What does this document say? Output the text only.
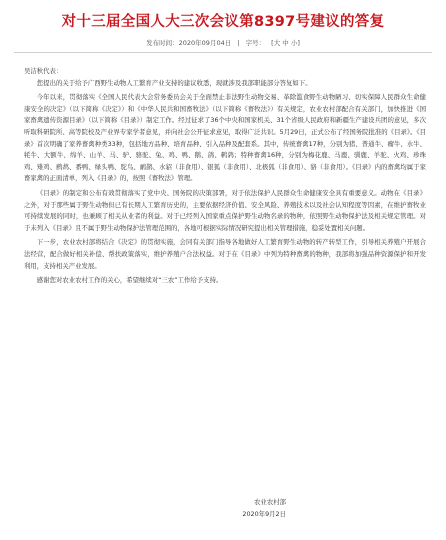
对十三届全国人大三次会议第8397号建议的答复
发布时间：2020年09月04日 | 字号： [大 中 小]

吴洁秋代表：

您提出的关于给予广西野生动物人工繁育产业支持的建议收悉，现就涉及我部职能部分答复如下。

今年以来，贯彻落实《全国人民代表大会常务委员会关于全面禁止非法野生动物交易、革除滥食野生动物陋习、切实保障人民群众生命健康安全的决定》（以下简称《决定》）和《中华人民共和国畜牧法》（以下简称《畜牧法》）有关规定，农业农村部配合有关部门，加快推进《国家畜禽遗传资源目录》（以下简称《目录》）制定工作。经过征求了36个中央和国家机关、31个省级人民政府和新疆生产建设兵团的意见，多次听取科研院所、高等院校及产业界专家学者意见，并向社会公开征求意见，取得广泛共识。5月29日，正式公布了经国务院批准的《目录》。《目录》首次明确了家养畜禽种类33种，包括地方品种、培育品种、引入品种及配套系。其中，传统畜禽17种，分别为猪、普通牛、瘤牛、水牛、牦牛、大额牛、绵羊、山羊、马、驴、骆驼、兔、鸡、鸭、鹅、鸽、鹌鹑；特种畜禽16种，分别为梅花鹿、马鹿、驯鹿、羊驼、火鸡、珍珠鸡、雉鸡、鹧鸪、番鸭、绿头鸭、鸵鸟、鸸鹋、水貂（非食用）、银狐（非食用）、北极狐（非食用）、貉（非食用）。《目录》内的畜禽均属于家畜家禽的正面清单，列入《目录》的，按照《畜牧法》管理。

《目录》的制定和公布有效贯彻落实了党中央、国务院的决策部署，对于依法保护人民群众生命健康安全具有重要意义。动物在《目录》之外，对于那些属于野生动物但已有长期人工繁育历史的，主要依据经济价值、安全风险、养殖技术以及社会认知程度等因素，在维护畜牧业可持续发展的同时，也兼顾了相关从业者的利益。对于已经列入国家重点保护野生动物名录的物种，依照野生动物保护法及相关规定管理。对于未列入《目录》且不属于野生动物保护法管理范围的，各地可根据实际情况研究提出相关管理措施，稳妥处置相关问题。

下一步，农业农村部将结合《决定》的贯彻实施，会同有关部门指导各地做好人工繁育野生动物的转产转型工作，引导相关养殖户开展合法经营，配合做好相关补偿、帮扶政策落实，维护养殖户合法权益。对于在《目录》中列为特种畜禽的物种，我部将加强品种资源保护和开发利用，支持相关产业发展。

感谢您对农业农村工作的关心，希望继续对“三农”工作给予支持。

农业农村部
2020年9月2日
